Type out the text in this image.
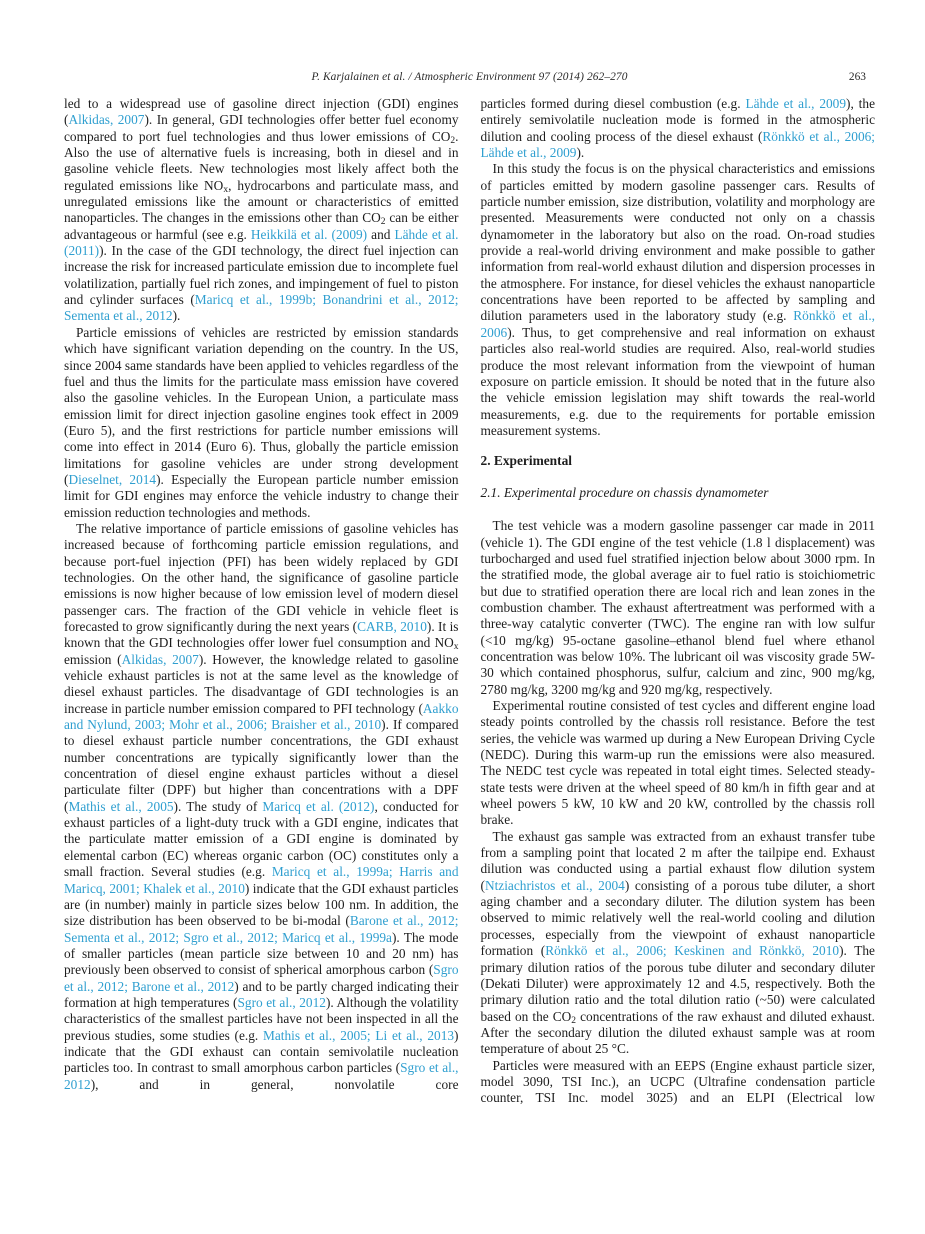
P. Karjalainen et al. / Atmospheric Environment 97 (2014) 262–270	263

led to a widespread use of gasoline direct injection (GDI) engines (Alkidas, 2007). In general, GDI technologies offer better fuel economy compared to port fuel technologies and thus lower emissions of $CO_2$. Also the use of alternative fuels is increasing, both in diesel and in gasoline vehicle fleets. New technologies most likely affect both the regulated emissions like $NO_x$, hydrocarbons and particulate mass, and unregulated emissions like the amount or characteristics of emitted nanoparticles. The changes in the emissions other than $CO_2$ can be either advantageous or harmful (see e.g. Heikkilä et al. (2009) and Lähde et al. (2011)). In the case of the GDI technology, the direct fuel injection can increase the risk for increased particulate emission due to incomplete fuel volatilization, partially fuel rich zones, and impingement of fuel to piston and cylinder surfaces (Maricq et al., 1999b; Bonandrini et al., 2012; Sementa et al., 2012).

Particle emissions of vehicles are restricted by emission standards which have significant variation depending on the country. In the US, since 2004 same standards have been applied to vehicles regardless of the fuel and thus the limits for the particulate mass emission have covered also the gasoline vehicles. In the European Union, a particulate mass emission limit for direct injection gasoline engines took effect in 2009 (Euro 5), and the first restrictions for particle number emissions will come into effect in 2014 (Euro 6). Thus, globally the particle emission limitations for gasoline vehicles are under strong development (Dieselnet, 2014). Especially the European particle number emission limit for GDI engines may enforce the vehicle industry to change their emission reduction technologies and methods.

The relative importance of particle emissions of gasoline vehicles has increased because of forthcoming particle emission regulations, and because port-fuel injection (PFI) has been widely replaced by GDI technologies. On the other hand, the significance of gasoline particle emissions is now higher because of low emission level of modern diesel passenger cars. The fraction of the GDI vehicle in vehicle fleet is forecasted to grow significantly during the next years (CARB, 2010). It is known that the GDI technologies offer lower fuel consumption and $NO_x$ emission (Alkidas, 2007). However, the knowledge related to gasoline vehicle exhaust particles is not at the same level as the knowledge of diesel exhaust particles. The disadvantage of GDI technologies is an increase in particle number emission compared to PFI technology (Aakko and Nylund, 2003; Mohr et al., 2006; Braisher et al., 2010). If compared to diesel exhaust particle number concentrations, the GDI exhaust number concentrations are typically significantly lower than the concentration of diesel engine exhaust particles without a diesel particulate filter (DPF) but higher than concentrations with a DPF (Mathis et al., 2005). The study of Maricq et al. (2012), conducted for exhaust particles of a light-duty truck with a GDI engine, indicates that the particulate matter emission of a GDI engine is dominated by elemental carbon (EC) whereas organic carbon (OC) constitutes only a small fraction. Several studies (e.g. Maricq et al., 1999a; Harris and Maricq, 2001; Khalek et al., 2010) indicate that the GDI exhaust particles are (in number) mainly in particle sizes below 100 nm. In addition, the size distribution has been observed to be bi-modal (Barone et al., 2012; Sementa et al., 2012; Sgro et al., 2012; Maricq et al., 1999a). The mode of smaller particles (mean particle size between 10 and 20 nm) has previously been observed to consist of spherical amorphous carbon (Sgro et al., 2012; Barone et al., 2012) and to be partly charged indicating their formation at high temperatures (Sgro et al., 2012). Although the volatility characteristics of the smallest particles have not been inspected in all the previous studies, some studies (e.g. Mathis et al., 2005; Li et al., 2013) indicate that the GDI exhaust can contain semivolatile nucleation particles too. In contrast to small amorphous carbon particles (Sgro et al., 2012), and in general, nonvolatile core

particles formed during diesel combustion (e.g. Lähde et al., 2009), the entirely semivolatile nucleation mode is formed in the atmospheric dilution and cooling process of the diesel exhaust (Rönkkö et al., 2006; Lähde et al., 2009).

In this study the focus is on the physical characteristics and emissions of particles emitted by modern gasoline passenger cars. Results of particle number emission, size distribution, volatility and morphology are presented. Measurements were conducted not only on a chassis dynamometer in the laboratory but also on the road. On-road studies provide a real-world driving environment and make possible to gather information from real-world exhaust dilution and dispersion processes in the atmosphere. For instance, for diesel vehicles the exhaust nanoparticle concentrations have been reported to be affected by sampling and dilution parameters used in the laboratory study (e.g. Rönkkö et al., 2006). Thus, to get comprehensive and real information on exhaust particles also real-world studies are required. Also, real-world studies produce the most relevant information from the viewpoint of human exposure on particle emission. It should be noted that in the future also the vehicle emission legislation may shift towards the real-world measurements, e.g. due to the requirements for portable emission measurement systems.

2. Experimental
2.1. Experimental procedure on chassis dynamometer

The test vehicle was a modern gasoline passenger car made in 2011 (vehicle 1). The GDI engine of the test vehicle (1.8 l displacement) was turbocharged and used fuel stratified injection below about 3000 rpm. In the stratified mode, the global average air to fuel ratio is stoichiometric but due to stratified operation there are local rich and lean zones in the combustion chamber. The exhaust aftertreatment was performed with a three-way catalytic converter (TWC). The engine ran with low sulfur (<10 mg/kg) 95-octane gasoline–ethanol blend fuel where ethanol concentration was below 10%. The lubricant oil was viscosity grade 5W-30 which contained phosphorus, sulfur, calcium and zinc, 900 mg/kg, 2780 mg/kg, 3200 mg/kg and 920 mg/kg, respectively.

Experimental routine consisted of test cycles and different engine load steady points controlled by the chassis roll resistance. Before the test series, the vehicle was warmed up during a New European Driving Cycle (NEDC). During this warm-up run the emissions were also measured. The NEDC test cycle was repeated in total eight times. Selected steady-state tests were driven at the wheel speed of 80 km/h in fifth gear and at wheel powers 5 kW, 10 kW and 20 kW, controlled by the chassis roll brake.

The exhaust gas sample was extracted from an exhaust transfer tube from a sampling point that located 2 m after the tailpipe end. Exhaust dilution was conducted using a partial exhaust flow dilution system (Ntziachristos et al., 2004) consisting of a porous tube diluter, a short aging chamber and a secondary diluter. The dilution system has been observed to mimic relatively well the real-world cooling and dilution processes, especially from the viewpoint of exhaust nanoparticle formation (Rönkkö et al., 2006; Keskinen and Rönkkö, 2010). The primary dilution ratios of the porous tube diluter and secondary diluter (Dekati Diluter) were approximately 12 and 4.5, respectively. Both the primary dilution ratio and the total dilution ratio (~50) were calculated based on the $CO_2$ concentrations of the raw exhaust and diluted exhaust. After the secondary dilution the diluted exhaust sample was at room temperature of about 25 °C.

Particles were measured with an EEPS (Engine exhaust particle sizer, model 3090, TSI Inc.), an UCPC (Ultrafine condensation particle counter, TSI Inc. model 3025) and an ELPI (Electrical low
